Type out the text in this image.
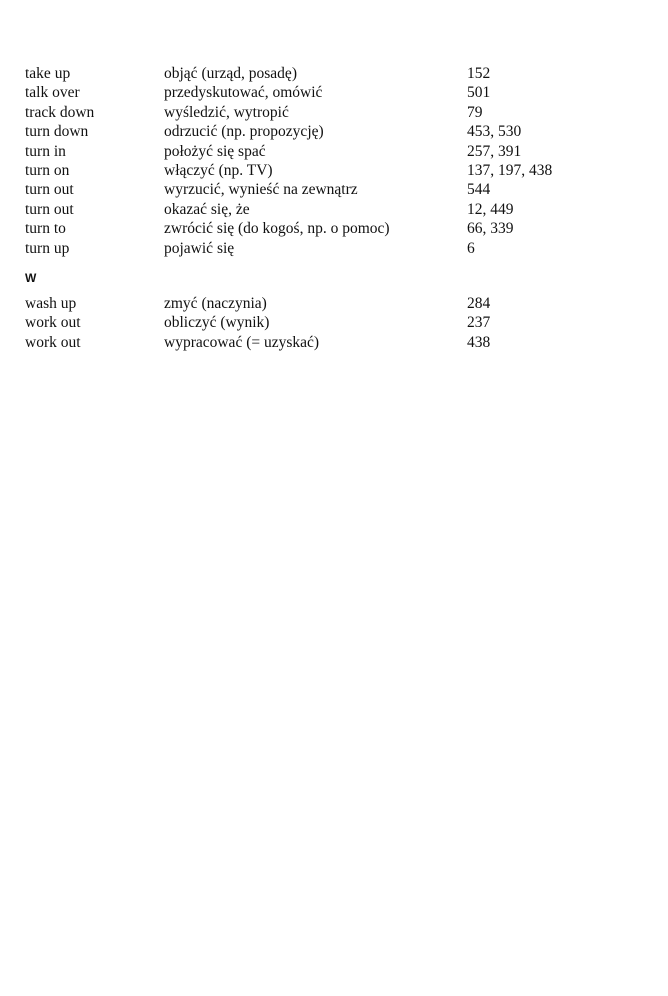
take up	objąć (urząd, posadę)	152
talk over	przedyskutować, omówić	501
track down	wyśledzić, wytropić	79
turn down	odrzucić (np. propozycję)	453, 530
turn in	położyć się spać	257, 391
turn on	włączyć (np. TV)	137, 197, 438
turn out	wyrzucić, wynieść na zewnątrz	544
turn out	okazać się, że	12, 449
turn to	zwrócić się (do kogoś, np. o pomoc)	66, 339
turn up	pojawić się	6
W
wash up	zmyć (naczynia)	284
work out	obliczyć (wynik)	237
work out	wypracować (= uzyskać)	438
